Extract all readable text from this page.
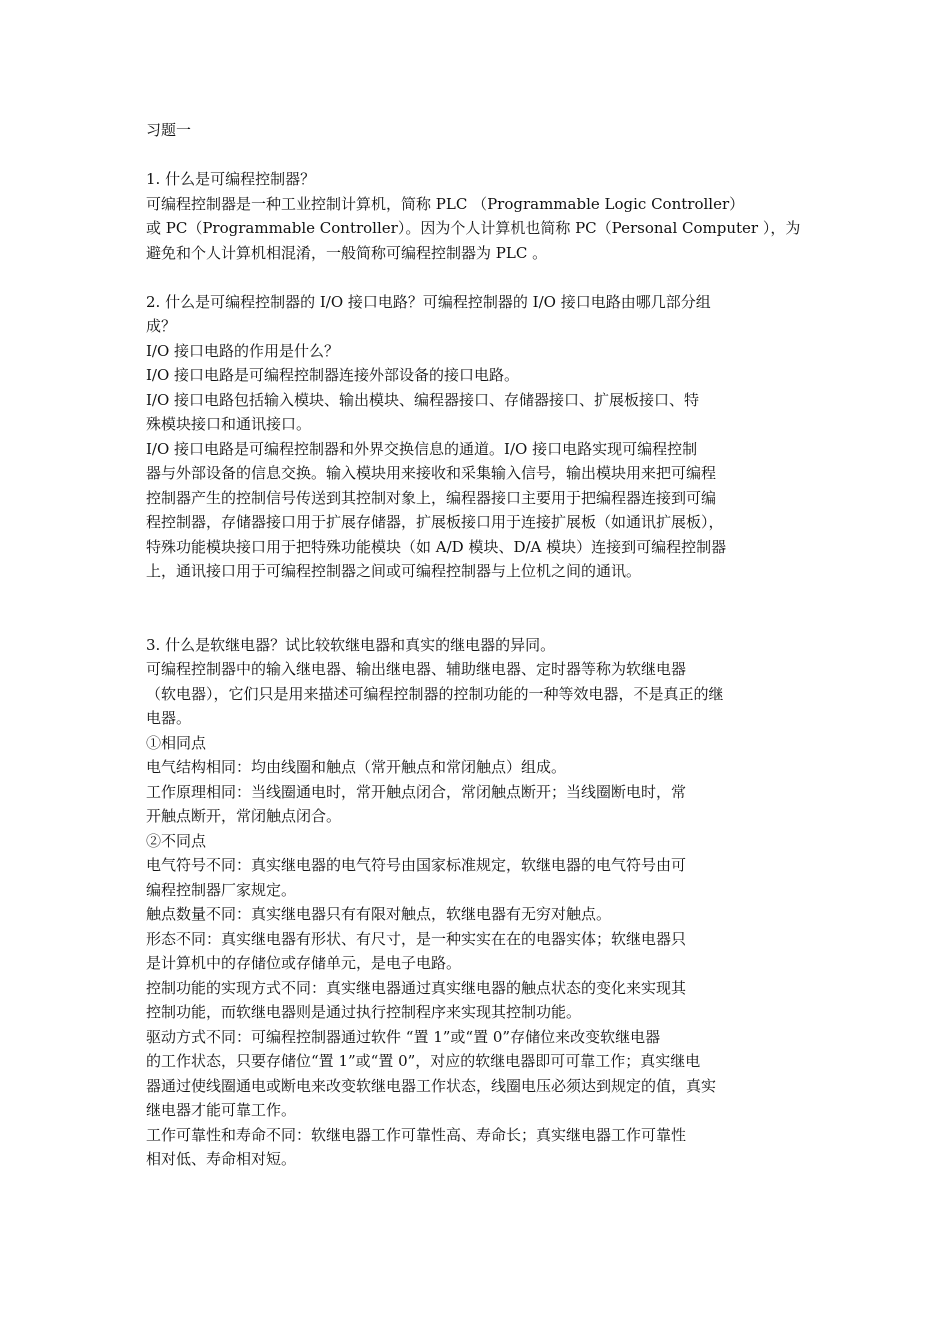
习题一

1. 什么是可编程控制器？

可编程控制器是一种工业控制计算机，简称 PLC （Programmable Logic Controller）

或 PC（Programmable Controller）。因为个人计算机也简称 PC（Personal Computer ），为

避免和个人计算机相混淆，一般简称可编程控制器为 PLC 。

2. 什么是可编程控制器的 I/O 接口电路？可编程控制器的 I/O 接口电路由哪几部分组

成？

I/O 接口电路的作用是什么？

I/O 接口电路是可编程控制器连接外部设备的接口电路。

I/O 接口电路包括输入模块、输出模块、编程器接口、存储器接口、扩展板接口、特

殊模块接口和通讯接口。

I/O 接口电路是可编程控制器和外界交换信息的通道。I/O 接口电路实现可编程控制

器与外部设备的信息交换。输入模块用来接收和采集输入信号，输出模块用来把可编程

控制器产生的控制信号传送到其控制对象上，编程器接口主要用于把编程器连接到可编

程控制器，存储器接口用于扩展存储器，扩展板接口用于连接扩展板（如通讯扩展板），

特殊功能模块接口用于把特殊功能模块（如 A/D 模块、D/A 模块）连接到可编程控制器

上，通讯接口用于可编程控制器之间或可编程控制器与上位机之间的通讯。

3. 什么是软继电器？试比较软继电器和真实的继电器的异同。

可编程控制器中的输入继电器、输出继电器、辅助继电器、定时器等称为软继电器

（软电器），它们只是用来描述可编程控制器的控制功能的一种等效电器，不是真正的继

电器。

①相同点

电气结构相同：均由线圈和触点（常开触点和常闭触点）组成。

工作原理相同：当线圈通电时，常开触点闭合，常闭触点断开；当线圈断电时，常

开触点断开，常闭触点闭合。

②不同点

电气符号不同：真实继电器的电气符号由国家标准规定，软继电器的电气符号由可

编程控制器厂家规定。

触点数量不同：真实继电器只有有限对触点，软继电器有无穷对触点。

形态不同：真实继电器有形状、有尺寸，是一种实实在在的电器实体；软继电器只

是计算机中的存储位或存储单元，是电子电路。

控制功能的实现方式不同：真实继电器通过真实继电器的触点状态的变化来实现其

控制功能，而软继电器则是通过执行控制程序来实现其控制功能。

驱动方式不同：可编程控制器通过软件 “置 1”或“置 0”存储位来改变软继电器

的工作状态，只要存储位“置 1”或“置 0”，对应的软继电器即可可靠工作；真实继电

器通过使线圈通电或断电来改变软继电器工作状态，线圈电压必须达到规定的值，真实

继电器才能可靠工作。

工作可靠性和寿命不同：软继电器工作可靠性高、寿命长；真实继电器工作可靠性

相对低、寿命相对短。
